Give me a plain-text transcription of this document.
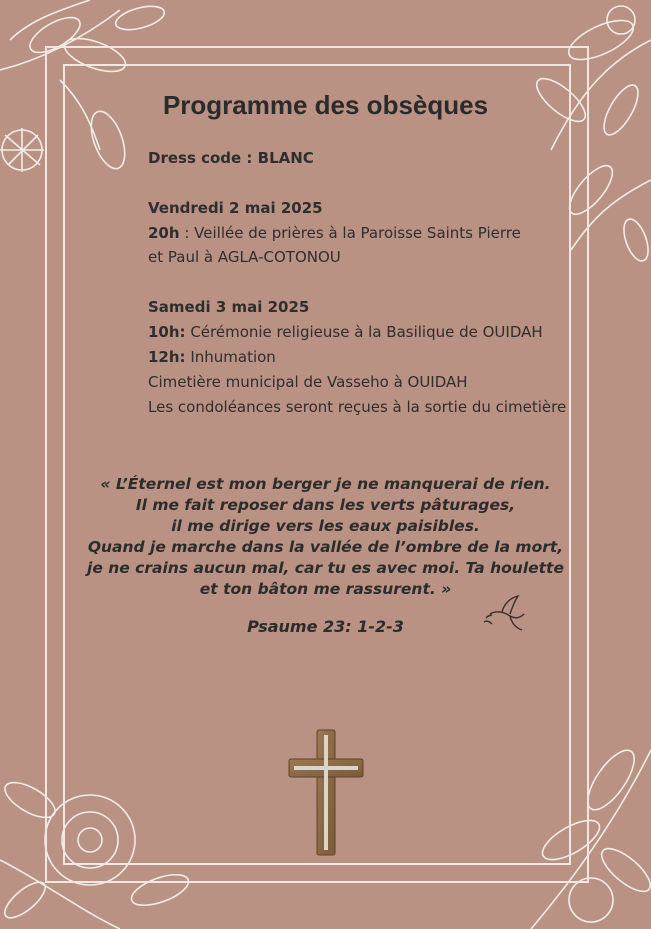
Programme des obsèques
Dress code : BLANC
Vendredi 2 mai 2025
20h : Veillée de prières à la Paroisse Saints Pierre
et Paul à AGLA-COTONOU
Samedi 3 mai 2025
10h: Cérémonie religieuse à la Basilique de OUIDAH
12h: Inhumation
Cimetière municipal de Vasseho à OUIDAH
Les condoléances seront reçues à la sortie du cimetière
« L’Éternel est mon berger je ne manquerai de rien.
Il me fait reposer dans les verts pâturages,
il me dirige vers les eaux paisibles.
Quand je marche dans la vallée de l’ombre de la mort,
je ne crains aucun mal, car tu es avec moi. Ta houlette
et ton bâton me rassurent. »
Psaume 23: 1-2-3
